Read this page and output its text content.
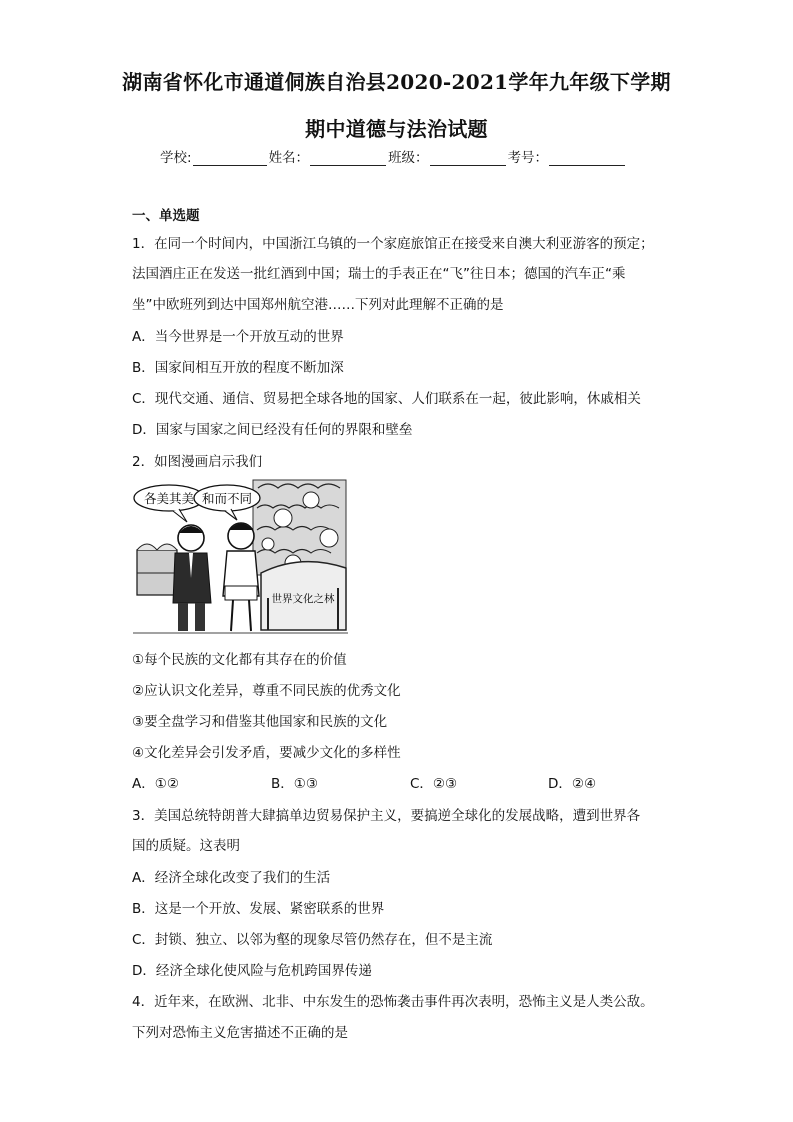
湖南省怀化市通道侗族自治县2020-2021学年九年级下学期
期中道德与法治试题
学校:	姓名：	班级：	考号：
一、单选题
1．在同一个时间内，中国浙江乌镇的一个家庭旅馆正在接受来自澳大利亚游客的预定；
法国酒庄正在发送一批红酒到中国；瑞士的手表正在“飞”往日本；德国的汽车正“乘
坐”中欧班列到达中国郑州航空港……下列对此理解不正确的是
A．当今世界是一个开放互动的世界
B．国家间相互开放的程度不断加深
C．现代交通、通信、贸易把全球各地的国家、人们联系在一起，彼此影响，休戚相关
D．国家与国家之间已经没有任何的界限和壁垒
2．如图漫画启示我们
各美其美 和而不同
世界文化之林
①每个民族的文化都有其存在的价值
②应认识文化差异，尊重不同民族的优秀文化
③要全盘学习和借鉴其他国家和民族的文化
④文化差异会引发矛盾，要减少文化的多样性
A．①②	B．①③	C．②③	D．②④
3．美国总统特朗普大肆搞单边贸易保护主义，要搞逆全球化的发展战略，遭到世界各
国的质疑。这表明
A．经济全球化改变了我们的生活
B．这是一个开放、发展、紧密联系的世界
C．封锁、独立、以邻为壑的现象尽管仍然存在，但不是主流
D．经济全球化使风险与危机跨国界传递
4．近年来，在欧洲、北非、中东发生的恐怖袭击事件再次表明，恐怖主义是人类公敌。
下列对恐怖主义危害描述不正确的是
